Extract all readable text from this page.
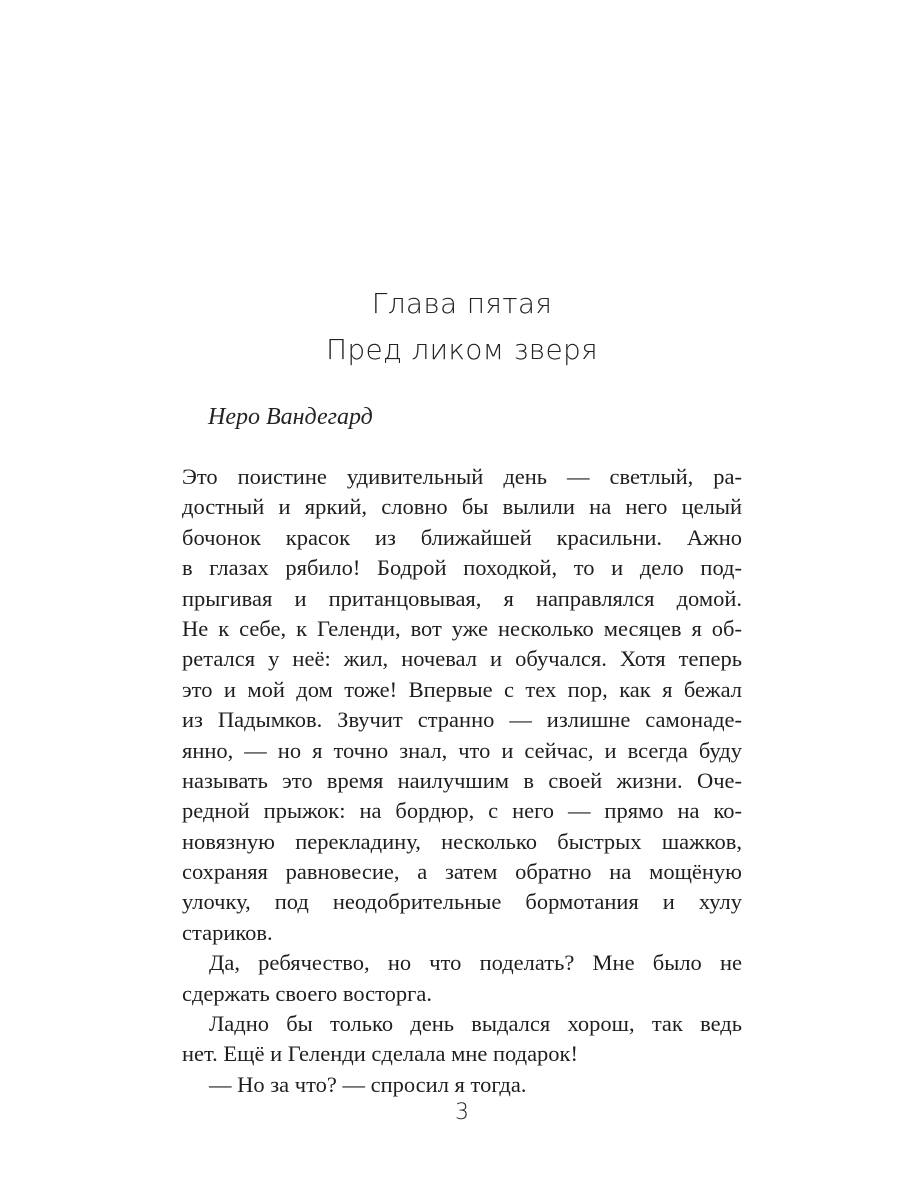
Глава пятая
Пред ликом зверя
Неро Вандегард
Это поистине удивительный день — светлый, ра-
достный и яркий, словно бы вылили на него целый
бочонок красок из ближайшей красильни. Ажно
в глазах рябило! Бодрой походкой, то и дело под-
прыгивая и пританцовывая, я направлялся домой.
Не к себе, к Геленди, вот уже несколько месяцев я об-
ретался у неё: жил, ночевал и обучался. Хотя теперь
это и мой дом тоже! Впервые с тех пор, как я бежал
из Падымков. Звучит странно — излишне самонаде-
янно, — но я точно знал, что и сейчас, и всегда буду
называть это время наилучшим в своей жизни. Оче-
редной прыжок: на бордюр, с него — прямо на ко-
новязную перекладину, несколько быстрых шажков,
сохраняя равновесие, а затем обратно на мощёную
улочку, под неодобрительные бормотания и хулу
стариков.
Да, ребячество, но что поделать? Мне было не
сдержать своего восторга.
Ладно бы только день выдался хорош, так ведь
нет. Ещё и Геленди сделала мне подарок!
— Но за что? — спросил я тогда.
3
